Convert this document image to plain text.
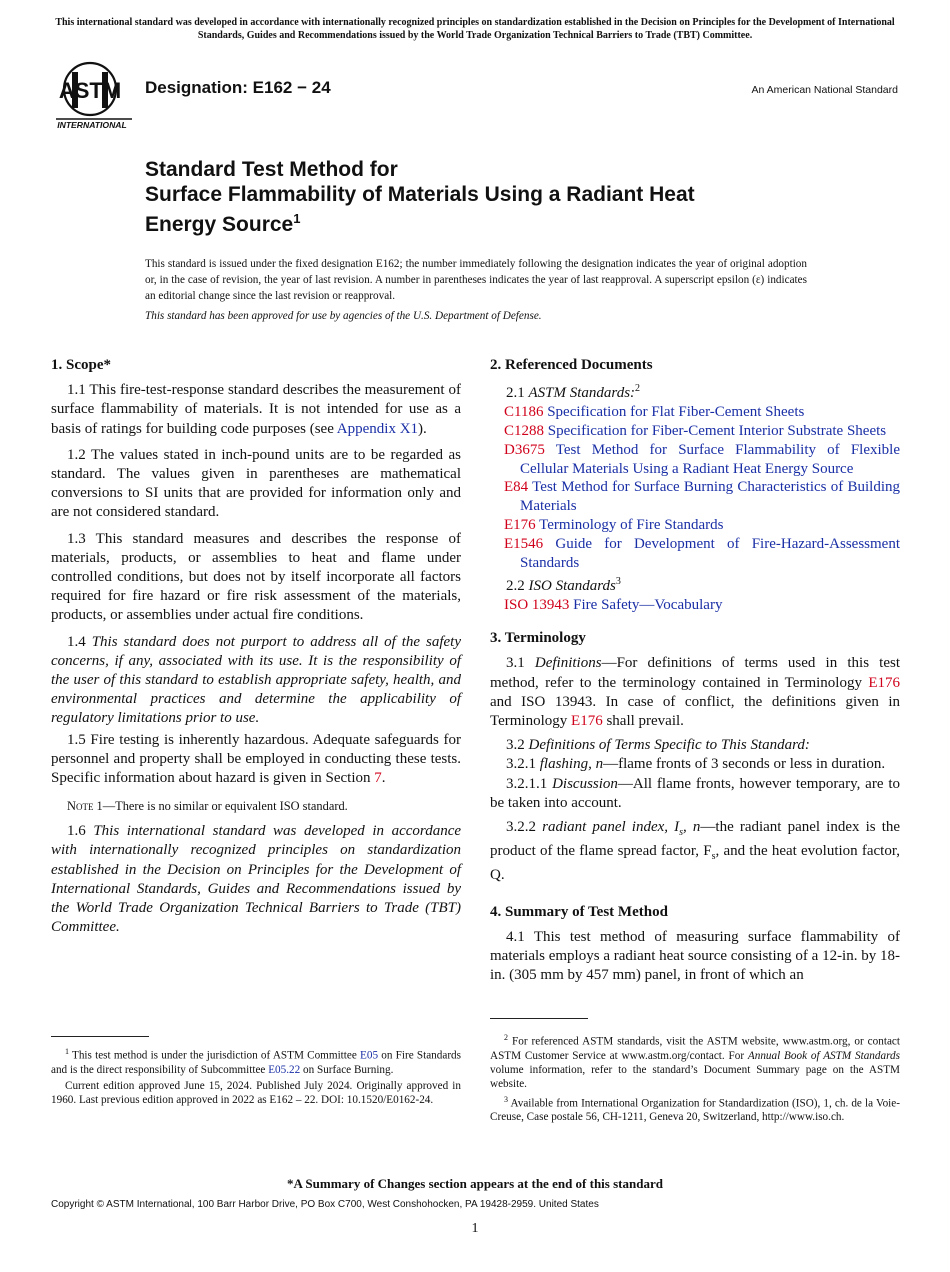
This international standard was developed in accordance with internationally recognized principles on standardization established in the Decision on Principles for the Development of International Standards, Guides and Recommendations issued by the World Trade Organization Technical Barriers to Trade (TBT) Committee.
ASTM
INTERNATIONAL
Designation: E162 − 24	An American National Standard
Standard Test Method for
Surface Flammability of Materials Using a Radiant Heat
Energy Source$^1$
This standard is issued under the fixed designation E162; the number immediately following the designation indicates the year of original adoption or, in the case of revision, the year of last revision. A number in parentheses indicates the year of last reapproval. A superscript epsilon (ε) indicates an editorial change since the last revision or reapproval.
This standard has been approved for use by agencies of the U.S. Department of Defense.
1. Scope*

1.1 This fire-test-response standard describes the measurement of surface flammability of materials. It is not intended for use as a basis of ratings for building code purposes (see Appendix X1).

1.2 The values stated in inch-pound units are to be regarded as standard. The values given in parentheses are mathematical conversions to SI units that are provided for information only and are not considered standard.

1.3 This standard measures and describes the response of materials, products, or assemblies to heat and flame under controlled conditions, but does not by itself incorporate all factors required for fire hazard or fire risk assessment of the materials, products, or assemblies under actual fire conditions.

1.4 This standard does not purport to address all of the safety concerns, if any, associated with its use. It is the responsibility of the user of this standard to establish appropriate safety, health, and environmental practices and determine the applicability of regulatory limitations prior to use.

1.5 Fire testing is inherently hazardous. Adequate safeguards for personnel and property shall be employed in conducting these tests. Specific information about hazard is given in Section 7.

Note 1—There is no similar or equivalent ISO standard.

1.6 This international standard was developed in accordance with internationally recognized principles on standardization established in the Decision on Principles for the Development of International Standards, Guides and Recommendations issued by the World Trade Organization Technical Barriers to Trade (TBT) Committee.

2. Referenced Documents
2.1 ASTM Standards:$^2$
C1186 Specification for Flat Fiber-Cement Sheets
C1288 Specification for Fiber-Cement Interior Substrate Sheets
D3675 Test Method for Surface Flammability of Flexible Cellular Materials Using a Radiant Heat Energy Source
E84 Test Method for Surface Burning Characteristics of Building Materials
E176 Terminology of Fire Standards
E1546 Guide for Development of Fire-Hazard-Assessment Standards
2.2 ISO Standards$^3$
ISO 13943 Fire Safety—Vocabulary
3. Terminology

3.1 Definitions—For definitions of terms used in this test method, refer to the terminology contained in Terminology E176 and ISO 13943. In case of conflict, the definitions given in Terminology E176 shall prevail.

3.2 Definitions of Terms Specific to This Standard:

3.2.1 flashing, n—flame fronts of 3 seconds or less in duration.

3.2.1.1 Discussion—All flame fronts, however temporary, are to be taken into account.

3.2.2 radiant panel index, $I_s$, n—the radiant panel index is the product of the flame spread factor, $F_s$, and the heat evolution factor, Q.

4. Summary of Test Method

4.1 This test method of measuring surface flammability of materials employs a radiant heat source consisting of a 12-in. by 18-in. (305 mm by 457 mm) panel, in front of which an

$^1$ This test method is under the jurisdiction of ASTM Committee E05 on Fire Standards and is the direct responsibility of Subcommittee E05.22 on Surface Burning.

Current edition approved June 15, 2024. Published July 2024. Originally approved in 1960. Last previous edition approved in 2022 as E162 – 22. DOI: 10.1520/E0162-24.

$^2$ For referenced ASTM standards, visit the ASTM website, www.astm.org, or contact ASTM Customer Service at www.astm.org/contact. For Annual Book of ASTM Standards volume information, refer to the standard’s Document Summary page on the ASTM website.

$^3$ Available from International Organization for Standardization (ISO), 1, ch. de la Voie-Creuse, Case postale 56, CH-1211, Geneva 20, Switzerland, http://www.iso.ch.

*A Summary of Changes section appears at the end of this standard
Copyright © ASTM International, 100 Barr Harbor Drive, PO Box C700, West Conshohocken, PA 19428-2959. United States
1
